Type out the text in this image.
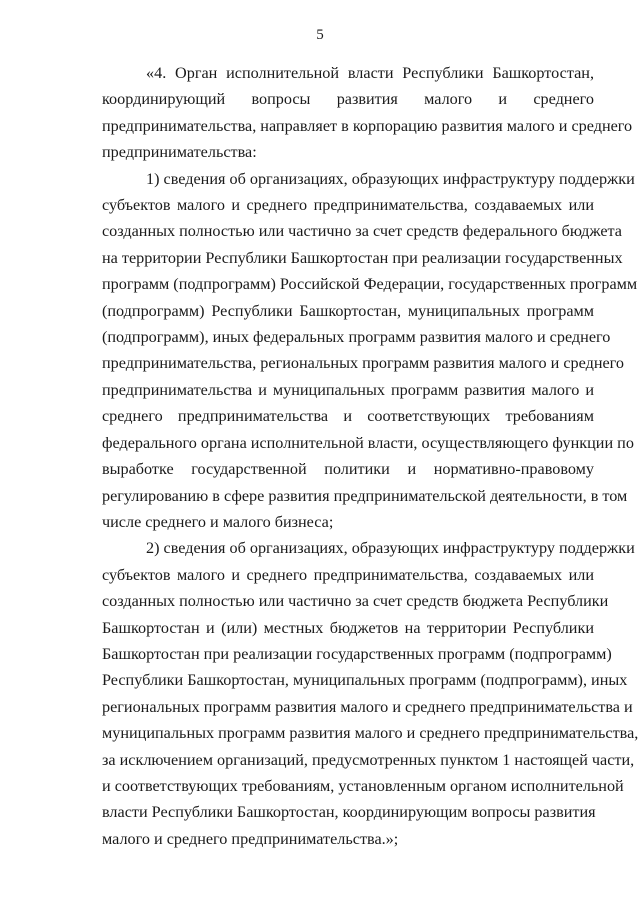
5

«4. Орган исполнительной власти Республики Башкортостан,
координирующий вопросы развития малого и среднего
предпринимательства, направляет в корпорацию развития малого и среднего
предпринимательства:

1) сведения об организациях, образующих инфраструктуру поддержки
субъектов малого и среднего предпринимательства, создаваемых или
созданных полностью или частично за счет средств федерального бюджета
на территории Республики Башкортостан при реализации государственных
программ (подпрограмм) Российской Федерации, государственных программ
(подпрограмм) Республики Башкортостан, муниципальных программ
(подпрограмм), иных федеральных программ развития малого и среднего
предпринимательства, региональных программ развития малого и среднего
предпринимательства и муниципальных программ развития малого и
среднего предпринимательства и соответствующих требованиям
федерального органа исполнительной власти, осуществляющего функции по
выработке государственной политики и нормативно-правовому
регулированию в сфере развития предпринимательской деятельности, в том
числе среднего и малого бизнеса;

2) сведения об организациях, образующих инфраструктуру поддержки
субъектов малого и среднего предпринимательства, создаваемых или
созданных полностью или частично за счет средств бюджета Республики
Башкортостан и (или) местных бюджетов на территории Республики
Башкортостан при реализации государственных программ (подпрограмм)
Республики Башкортостан, муниципальных программ (подпрограмм), иных
региональных программ развития малого и среднего предпринимательства и
муниципальных программ развития малого и среднего предпринимательства,
за исключением организаций, предусмотренных пунктом 1 настоящей части,
и соответствующих требованиям, установленным органом исполнительной
власти Республики Башкортостан, координирующим вопросы развития
малого и среднего предпринимательства.»;
